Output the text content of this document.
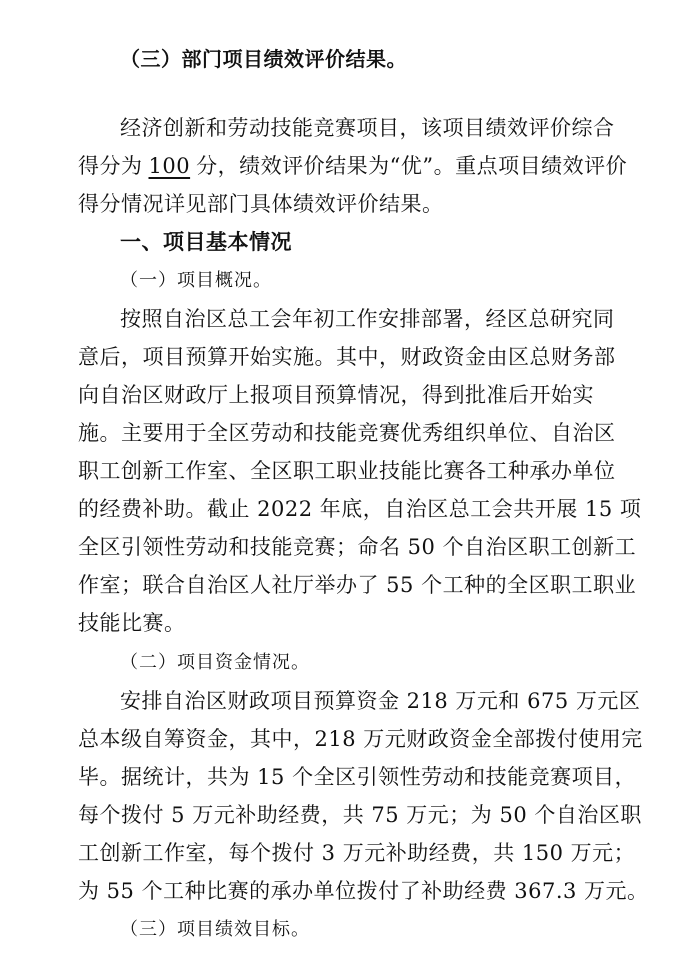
（三）部门项目绩效评价结果。
经济创新和劳动技能竞赛项目，该项目绩效评价综合
得分为 100 分，绩效评价结果为“优”。重点项目绩效评价
得分情况详见部门具体绩效评价结果。
一、项目基本情况
（一）项目概况。
按照自治区总工会年初工作安排部署，经区总研究同
意后，项目预算开始实施。其中，财政资金由区总财务部
向自治区财政厅上报项目预算情况，得到批准后开始实
施。主要用于全区劳动和技能竞赛优秀组织单位、自治区
职工创新工作室、全区职工职业技能比赛各工种承办单位
的经费补助。截止 2022 年底，自治区总工会共开展 15 项
全区引领性劳动和技能竞赛；命名 50 个自治区职工创新工
作室；联合自治区人社厅举办了 55 个工种的全区职工职业
技能比赛。
（二）项目资金情况。
安排自治区财政项目预算资金 218 万元和 675 万元区
总本级自筹资金，其中，218 万元财政资金全部拨付使用完
毕。据统计，共为 15 个全区引领性劳动和技能竞赛项目，
每个拨付 5 万元补助经费，共 75 万元；为 50 个自治区职
工创新工作室，每个拨付 3 万元补助经费，共 150 万元；
为 55 个工种比赛的承办单位拨付了补助经费 367.3 万元。
（三）项目绩效目标。
